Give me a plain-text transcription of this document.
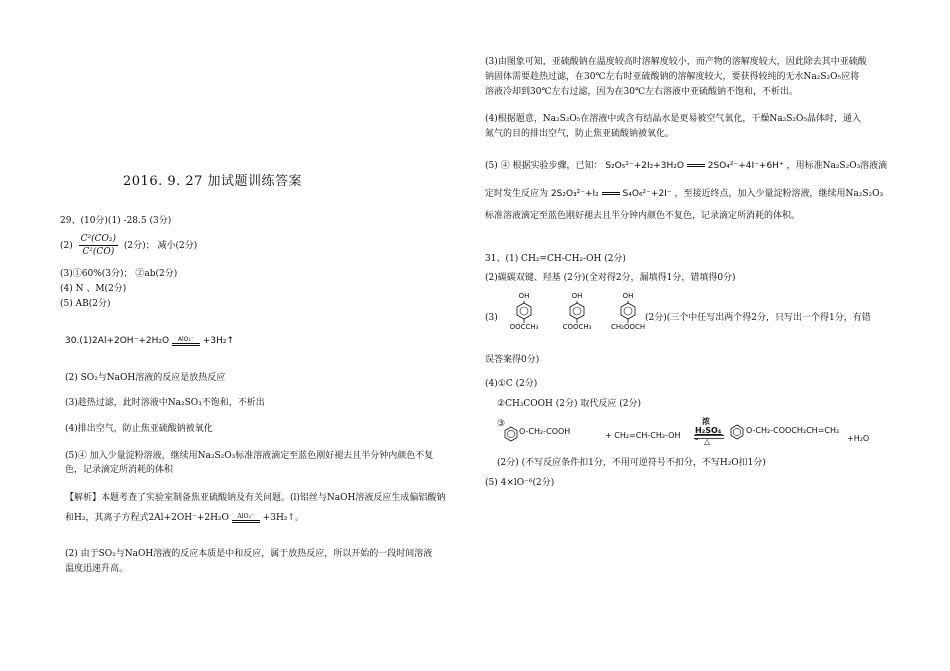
2016. 9. 27 加试题训练答案
29、(10分)(1) -28.5 (3分)
$(2) \frac{\text{C²(CO₂)}}{\text{C²(CO)}} (2$分)； 减小(2分)
(3)①60%(3分)； ②ab(2分)
(4) N 、M(2分)
(5) AB(2分)
30.(1)2Al+2OH⁻+2H₂O	AlO₂⁻ +3H₂↑
(2) SO₂与NaOH溶液的反应是放热反应
(3)趁热过滤，此时溶液中Na₂SO₃不饱和，不析出
(4)排出空气，防止焦亚硫酸钠被氧化
(5)④ 加入少量淀粉溶液，继续用Na₂S₂O₃标准溶液滴定至蓝色刚好褪去且半分钟内颜色不复
色，记录滴定所消耗的体积
【解析】本题考查了实验室制备焦亚硫酸钠及有关问题。(l)铝丝与NaOH溶液反应生成偏铝酸钠
和H₂，其离子方程式2Al+2OH⁻+2H₂O	AlO₂⁻ +3H₂↑。
(2) 由于SO₂与NaOH溶液的反应本质是中和反应，属于放热反应，所以开始的一段时间溶液
温度迅速升高。
(3)由图象可知，亚硫酸钠在温度较高时溶解度较小，而产物的溶解度较大，因此除去其中亚硫酸
钠固体需要趁热过滤，在30℃左右时亚硫酸钠的溶解度较大，要获得较纯的无水Na₂S₂O₅应将
溶液冷却到30℃左右过滤，因为在30℃左右溶液中亚硫酸钠不饱和，不析出。
(4)根据题意，Na₂S₂O₅在溶液中或含有结晶水是更易被空气氧化，干燥Na₂S₂O₅晶体时，通入
氮气的目的排出空气，防止焦亚硫酸钠被氧化。
(5) ④ 根据实验步骤，已知： S₂O₅²⁻+2I₂+3H₂O	2SO₄²⁻+4I⁻+6H⁺ ，用标准Na₂S₂O₃溶液滴
定时发生反应为 2S₂O₃²⁻+I₂	S₄O₆²⁻+2I⁻ ，至接近终点，加入少量淀粉溶液，继续用Na₂S₂O₃
标准溶液滴定至蓝色刚好褪去且半分钟内颜色不复色，记录滴定所消耗的体积。
31、(1) CH₂=CH-CH₂-OH (2分)
(2)碳碳双键、羟基 (2分)(全对得2分，漏填得1分，错填得0分)
(3)
OH
OOCCH₃
OH
COOCH₃
OH
CH₂OOCH
(2分)(三个中任写出两个得2分，只写出一个得1分，有错
误答案得0分)
(4)①C (2分)
②CH₃COOH (2分) 取代反应 (2分)
③
O-CH₂-COOH	+ CH₂=CH-CH₂-OH
浓
H₂SO₄
△
O-CH₂-COOCH₂CH=CH₂
+H₂O
(2分) (不写反应条件扣1分，不用可逆符号不扣分，不写H₂O扣1分)
(5) 4×lO⁻⁶(2分)
